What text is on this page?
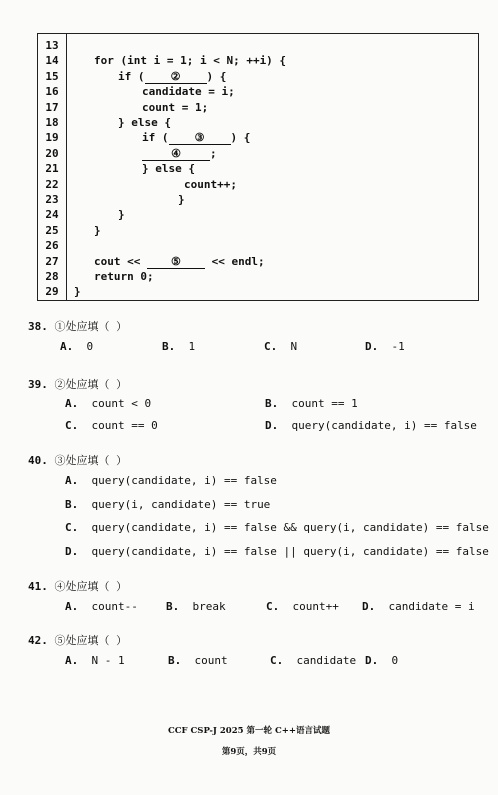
13
14	for (int i = 1; i < N; ++i) {
15	if ( ② ) {
16	candidate = i;
17	count = 1;
18	} else {
19	if ( ③ ) {
20	④	;
21	} else {
22	count++;
23	}
24	}
25	}
26
27	cout << ⑤ << endl;
28	return 0;
29	}
38. ①处应填（ ）
A. 0	B. 1	C. N	D. -1
39. ②处应填（ ）
A. count < 0	B. count == 1
C. count == 0	D. query(candidate, i) == false
40. ③处应填（ ）
A. query(candidate, i) == false
B. query(i, candidate) == true
C. query(candidate, i) == false && query(i, candidate) == false
D. query(candidate, i) == false || query(i, candidate) == false
41. ④处应填（ ）
A. count--	B. break	C. count++ D. candidate = i
42. ⑤处应填（ ）
A. N - 1	B. count	C. candidate D. 0
CCF CSP-J 2025 第一轮 C++语言试题
第9页，共9页
